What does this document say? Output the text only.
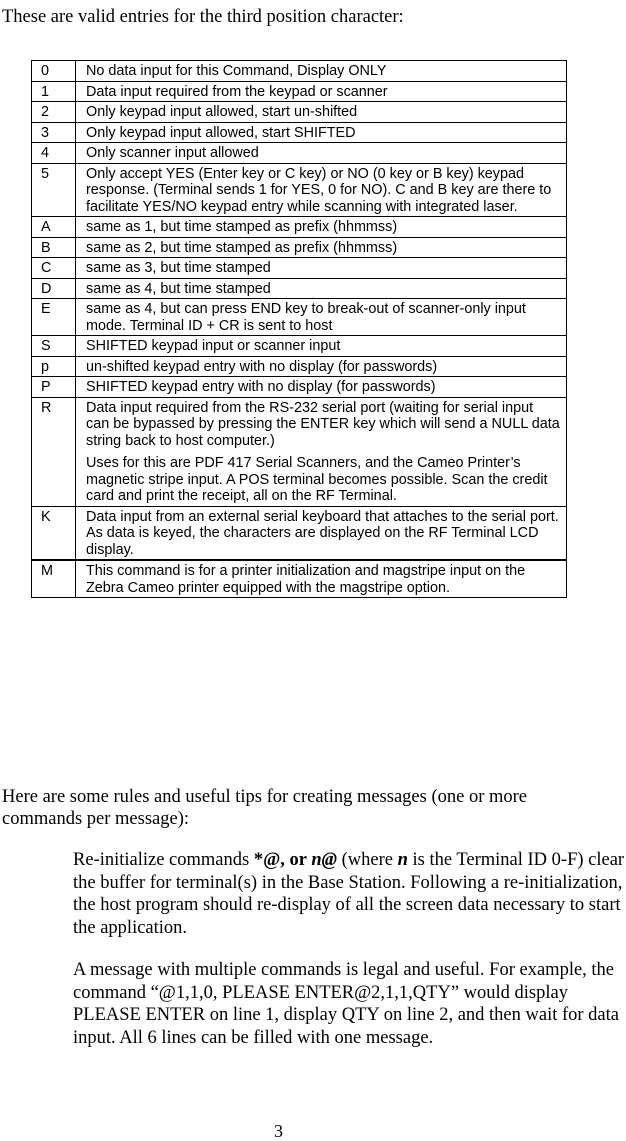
These are valid entries for the third position character:

0	No data input for this Command, Display ONLY

1	Data input required from the keypad or scanner

2	Only keypad input allowed, start un-shifted

3	Only keypad input allowed, start SHIFTED

4	Only scanner input allowed

5	Only accept YES (Enter key or C key) or NO (0 key or B key) keypad response. (Terminal sends 1 for YES, 0 for NO). C and B key are there to facilitate YES/NO keypad entry while scanning with integrated laser.

A	same as 1, but time stamped as prefix (hhmmss)

B	same as 2, but time stamped as prefix (hhmmss)

C	same as 3, but time stamped

D	same as 4, but time stamped

E	same as 4, but can press END key to break-out of scanner-only input mode. Terminal ID + CR is sent to host

S	SHIFTED keypad input or scanner input

p	un-shifted keypad entry with no display (for passwords)

P	SHIFTED keypad entry with no display (for passwords)

R	Data input required from the RS-232 serial port (waiting for serial input can be bypassed by pressing the ENTER key which will send a NULL data string back to host computer.)

Uses for this are PDF 417 Serial Scanners, and the Cameo Printer’s magnetic stripe input. A POS terminal becomes possible. Scan the credit card and print the receipt, all on the RF Terminal.

K	Data input from an external serial keyboard that attaches to the serial port. As data is keyed, the characters are displayed on the RF Terminal LCD display.

M	This command is for a printer initialization and magstripe input on the Zebra Cameo printer equipped with the magstripe option.

Here are some rules and useful tips for creating messages (one or more commands per message):

Re-initialize commands *@, or n@ (where n is the Terminal ID 0-F) clear the buffer for terminal(s) in the Base Station. Following a re-initialization, the host program should re-display of all the screen data necessary to start the application.

A message with multiple commands is legal and useful. For example, the command “@1,1,0, PLEASE ENTER@2,1,1,QTY” would display PLEASE ENTER on line 1, display QTY on line 2, and then wait for data input. All 6 lines can be filled with one message.

3
